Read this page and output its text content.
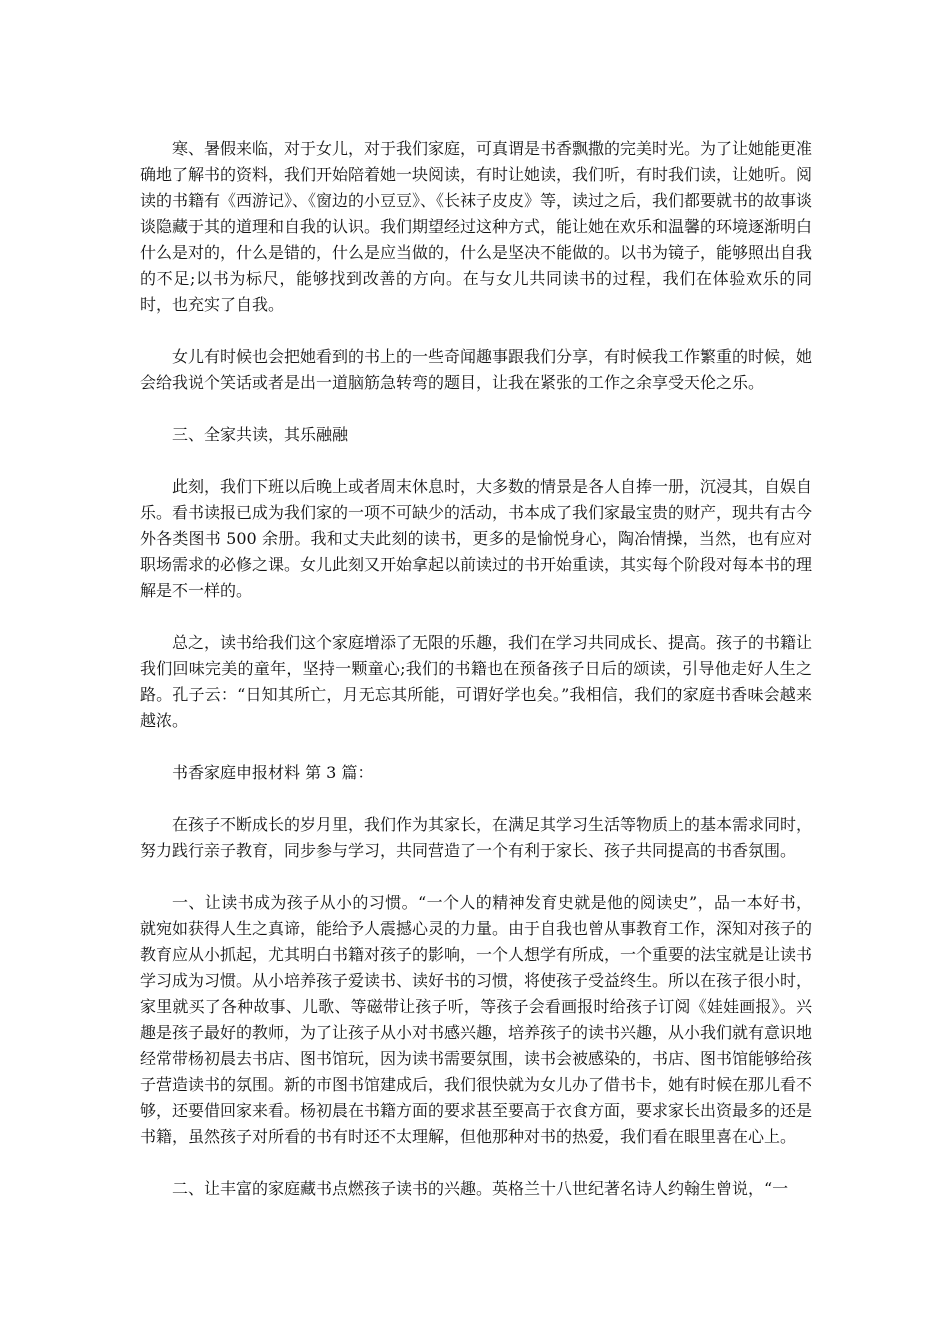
寒、暑假来临，对于女儿，对于我们家庭，可真谓是书香飘撒的完美时光。为了让她能更准确地了解书的资料，我们开始陪着她一块阅读，有时让她读，我们听，有时我们读，让她听。阅读的书籍有《西游记》、《窗边的小豆豆》、《长袜子皮皮》等，读过之后，我们都要就书的故事谈谈隐藏于其的道理和自我的认识。我们期望经过这种方式，能让她在欢乐和温馨的环境逐渐明白什么是对的，什么是错的，什么是应当做的，什么是坚决不能做的。以书为镜子，能够照出自我的不足;以书为标尺，能够找到改善的方向。在与女儿共同读书的过程，我们在体验欢乐的同时，也充实了自我。

女儿有时候也会把她看到的书上的一些奇闻趣事跟我们分享，有时候我工作繁重的时候，她会给我说个笑话或者是出一道脑筋急转弯的题目，让我在紧张的工作之余享受天伦之乐。

三、全家共读，其乐融融

此刻，我们下班以后晚上或者周末休息时，大多数的情景是各人自捧一册，沉浸其，自娱自乐。看书读报已成为我们家的一项不可缺少的活动，书本成了我们家最宝贵的财产，现共有古今外各类图书 500 余册。我和丈夫此刻的读书，更多的是愉悦身心，陶冶情操，当然，也有应对职场需求的必修之课。女儿此刻又开始拿起以前读过的书开始重读，其实每个阶段对每本书的理解是不一样的。

总之，读书给我们这个家庭增添了无限的乐趣，我们在学习共同成长、提高。孩子的书籍让我们回味完美的童年，坚持一颗童心;我们的书籍也在预备孩子日后的颂读，引导他走好人生之路。孔子云：“日知其所亡，月无忘其所能，可谓好学也矣。”我相信，我们的家庭书香味会越来越浓。

书香家庭申报材料 第 3 篇：

在孩子不断成长的岁月里，我们作为其家长，在满足其学习生活等物质上的基本需求同时，努力践行亲子教育，同步参与学习，共同营造了一个有利于家长、孩子共同提高的书香氛围。

一、让读书成为孩子从小的习惯。“一个人的精神发育史就是他的阅读史”，品一本好书，就宛如获得人生之真谛，能给予人震撼心灵的力量。由于自我也曾从事教育工作，深知对孩子的教育应从小抓起，尤其明白书籍对孩子的影响，一个人想学有所成，一个重要的法宝就是让读书学习成为习惯。从小培养孩子爱读书、读好书的习惯，将使孩子受益终生。所以在孩子很小时，家里就买了各种故事、儿歌、等磁带让孩子听，等孩子会看画报时给孩子订阅《娃娃画报》。兴趣是孩子最好的教师，为了让孩子从小对书感兴趣，培养孩子的读书兴趣，从小我们就有意识地经常带杨初晨去书店、图书馆玩，因为读书需要氛围，读书会被感染的，书店、图书馆能够给孩子营造读书的氛围。新的市图书馆建成后，我们很快就为女儿办了借书卡，她有时候在那儿看不够，还要借回家来看。杨初晨在书籍方面的要求甚至要高于衣食方面，要求家长出资最多的还是书籍，虽然孩子对所看的书有时还不太理解，但他那种对书的热爱，我们看在眼里喜在心上。

二、让丰富的家庭藏书点燃孩子读书的兴趣。英格兰十八世纪著名诗人约翰生曾说，“一
